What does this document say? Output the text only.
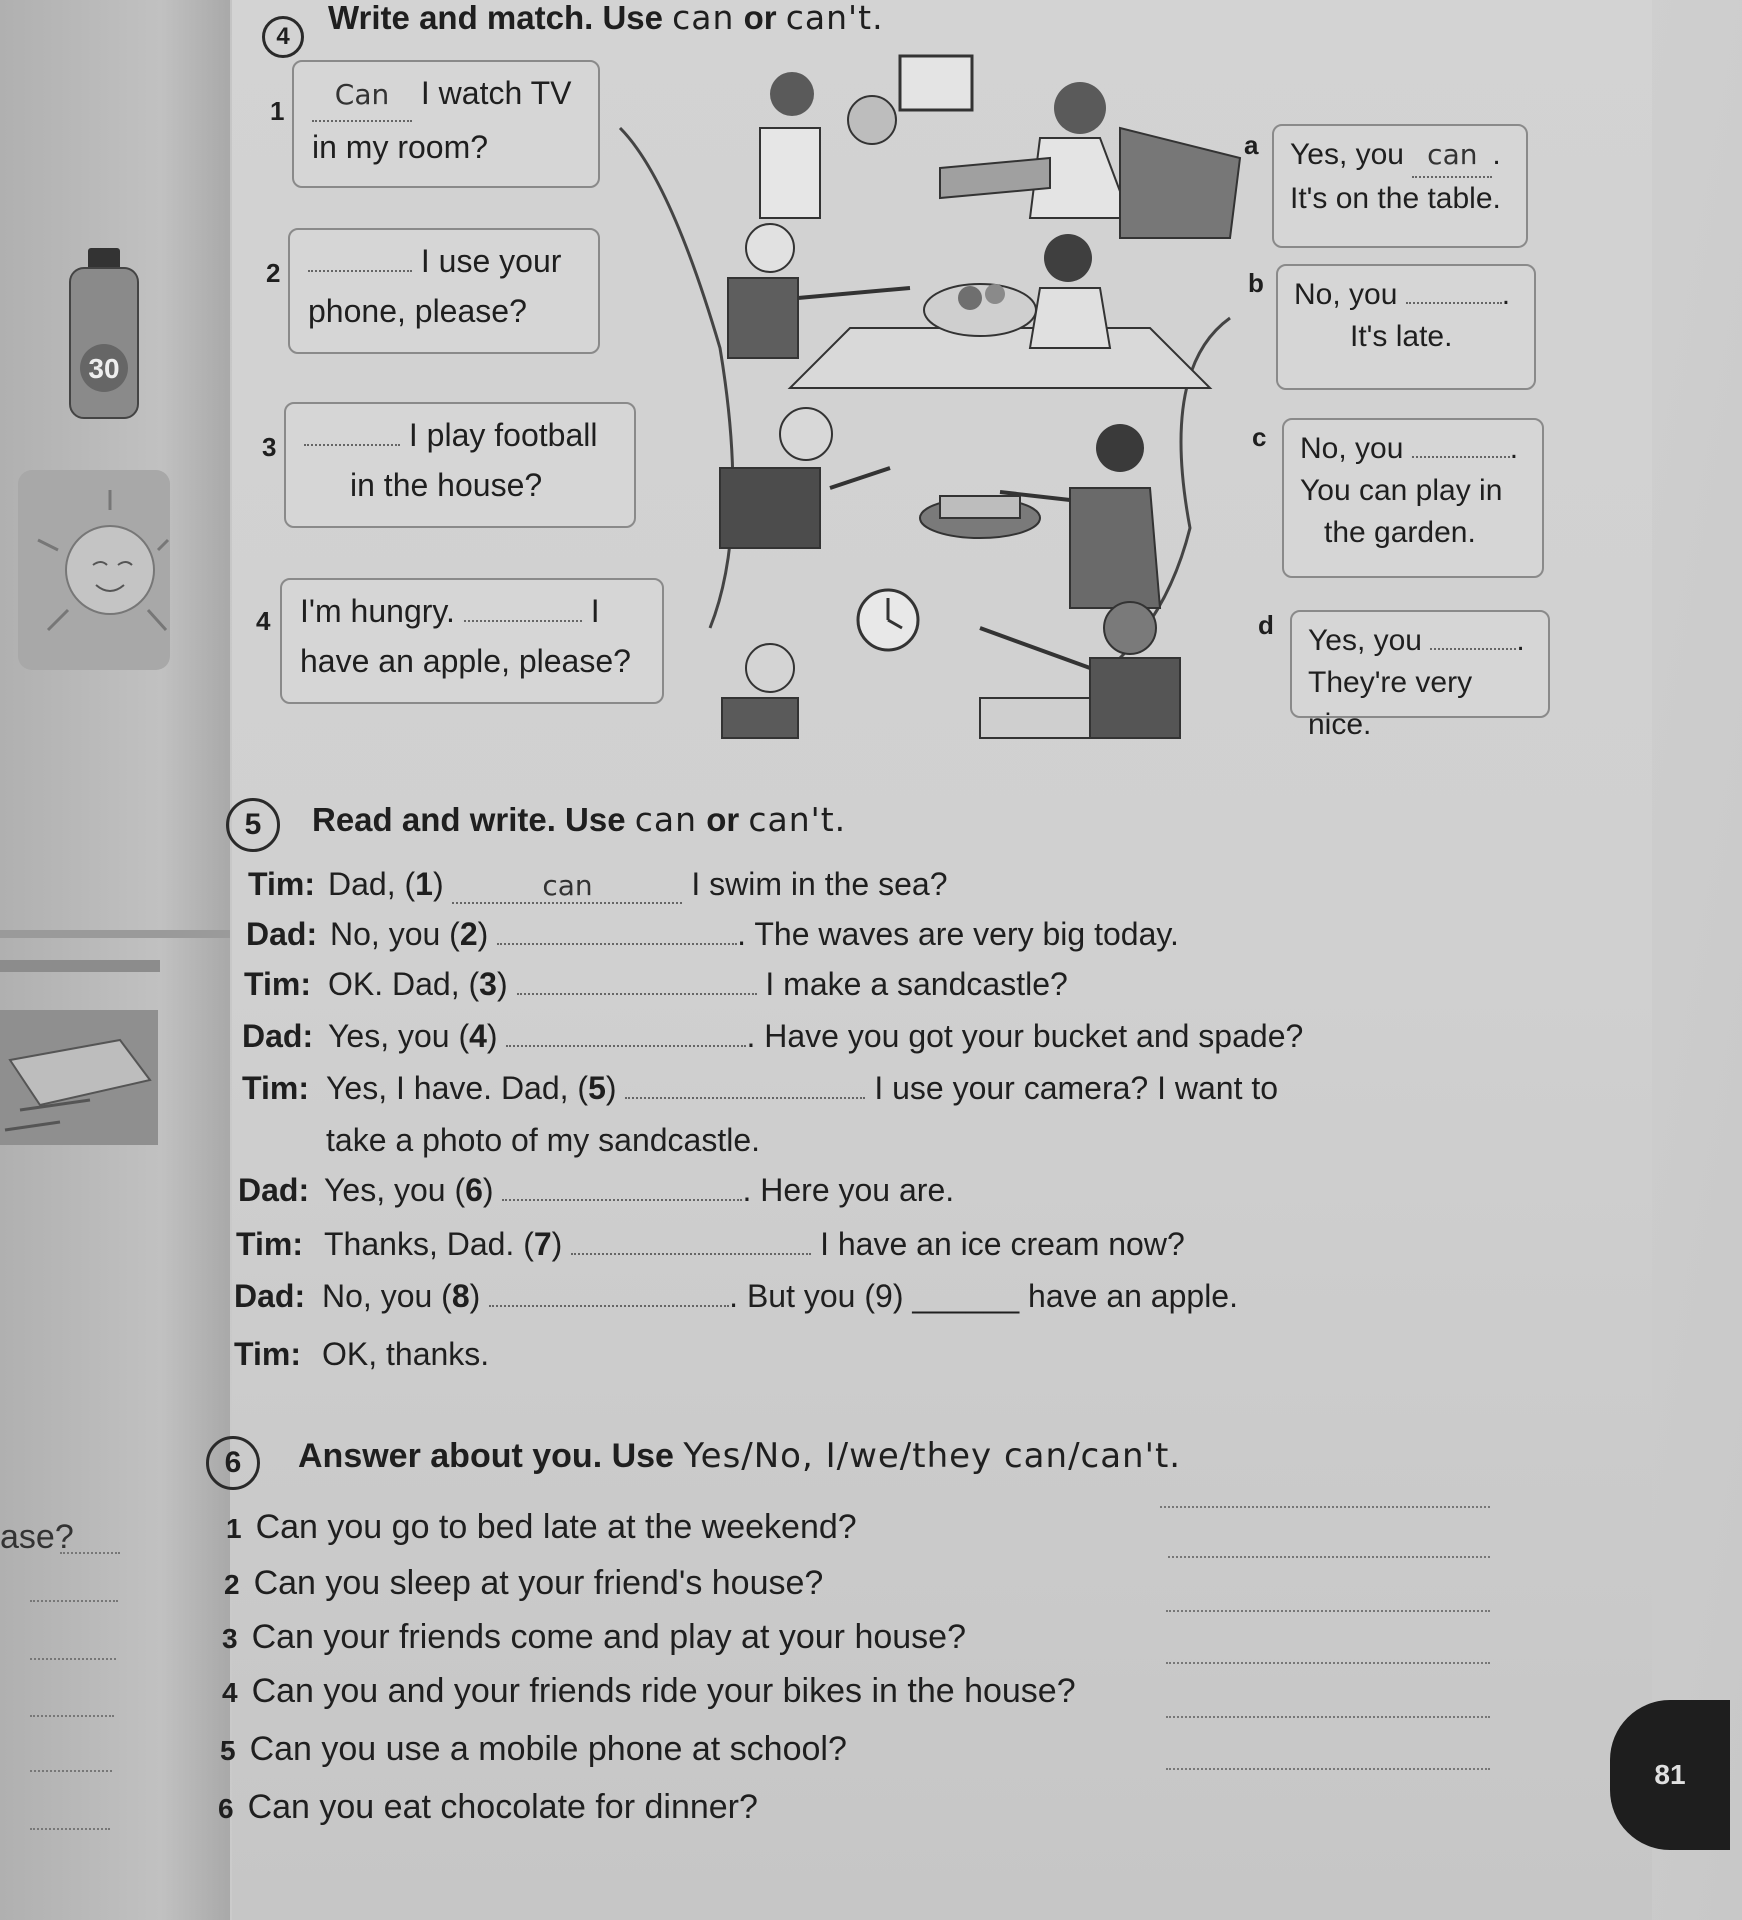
30
ase?
4
Write and match. Use can or can't.
1	Can I watch TV
in my room?
2	I use your
phone, please?
3	I play football
in the house?
4 I'm hungry.	I
have an apple, please?
a Yes, you can .
It's on the table.
b No, you	.
It's late.
c No, you	.
You can play in
the garden.
d Yes, you	.
They're very nice.
5	Read and write. Use can or can't.
Tim: Dad, (1)	can	I swim in the sea?
Dad: No, you (2)	. The waves are very big today.
Tim: OK. Dad, (3)	I make a sandcastle?
Dad: Yes, you (4)	. Have you got your bucket and spade?
Tim: Yes, I have. Dad, (5)	I use your camera? I want to
take a photo of my sandcastle.
Dad: Yes, you (6)	. Here you are.
Tim: Thanks, Dad. (7)	I have an ice cream now?
Dad: No, you (8)	. But you (9) ______ have an apple.
Tim: OK, thanks.
6	Answer about you. Use Yes/No, I/we/they can/can't.
1 Can you go to bed late at the weekend?
2 Can you sleep at your friend's house?
3 Can your friends come and play at your house?
4 Can you and your friends ride your bikes in the house?
5 Can you use a mobile phone at school?
6 Can you eat chocolate for dinner?
81
